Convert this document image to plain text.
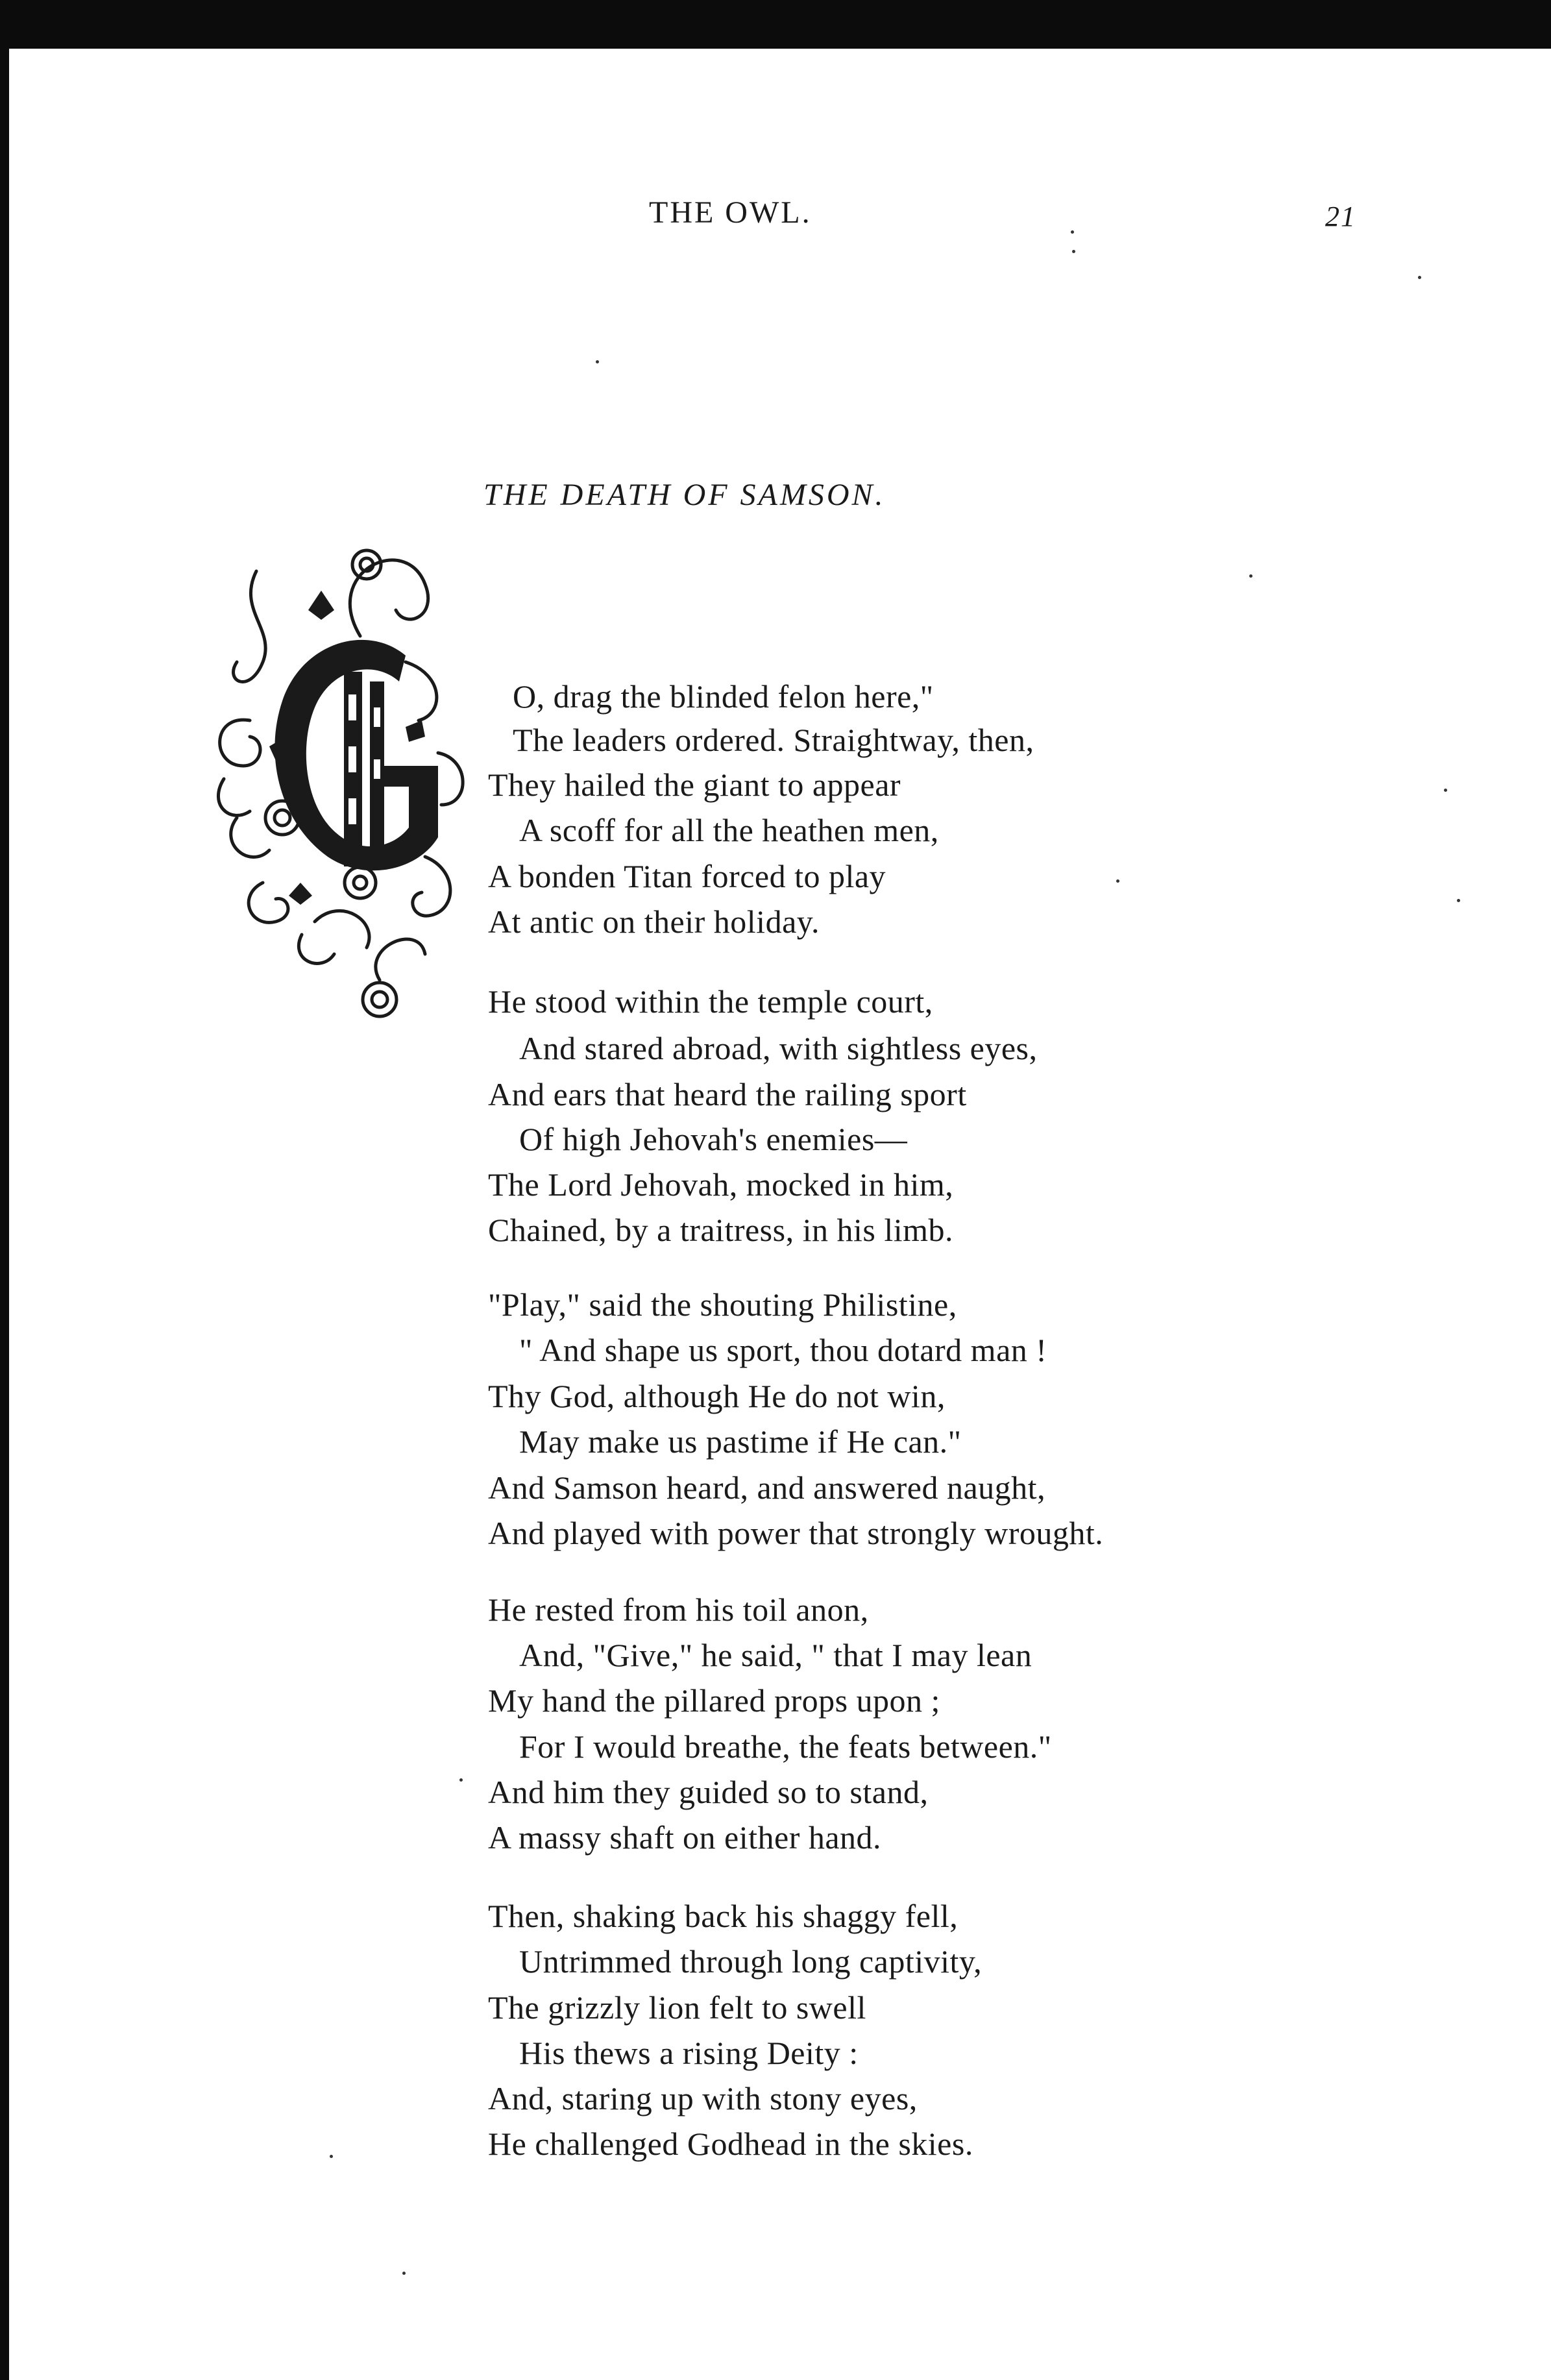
THE OWL.	21
THE DEATH OF SAMSON.
O, drag the blinded felon here,"
The leaders ordered. Straightway, then,
They hailed the giant to appear
A scoff for all the heathen men,
A bonden Titan forced to play
At antic on their holiday.
He stood within the temple court,
And stared abroad, with sightless eyes,
And ears that heard the railing sport
Of high Jehovah's enemies—
The Lord Jehovah, mocked in him,
Chained, by a traitress, in his limb.
"Play," said the shouting Philistine,
" And shape us sport, thou dotard man !
Thy God, although He do not win,
May make us pastime if He can."
And Samson heard, and answered naught,
And played with power that strongly wrought.
He rested from his toil anon,
And, "Give," he said, " that I may lean
My hand the pillared props upon ;
For I would breathe, the feats between."
And him they guided so to stand,
A massy shaft on either hand.
Then, shaking back his shaggy fell,
Untrimmed through long captivity,
The grizzly lion felt to swell
His thews a rising Deity :
And, staring up with stony eyes,
He challenged Godhead in the skies.
